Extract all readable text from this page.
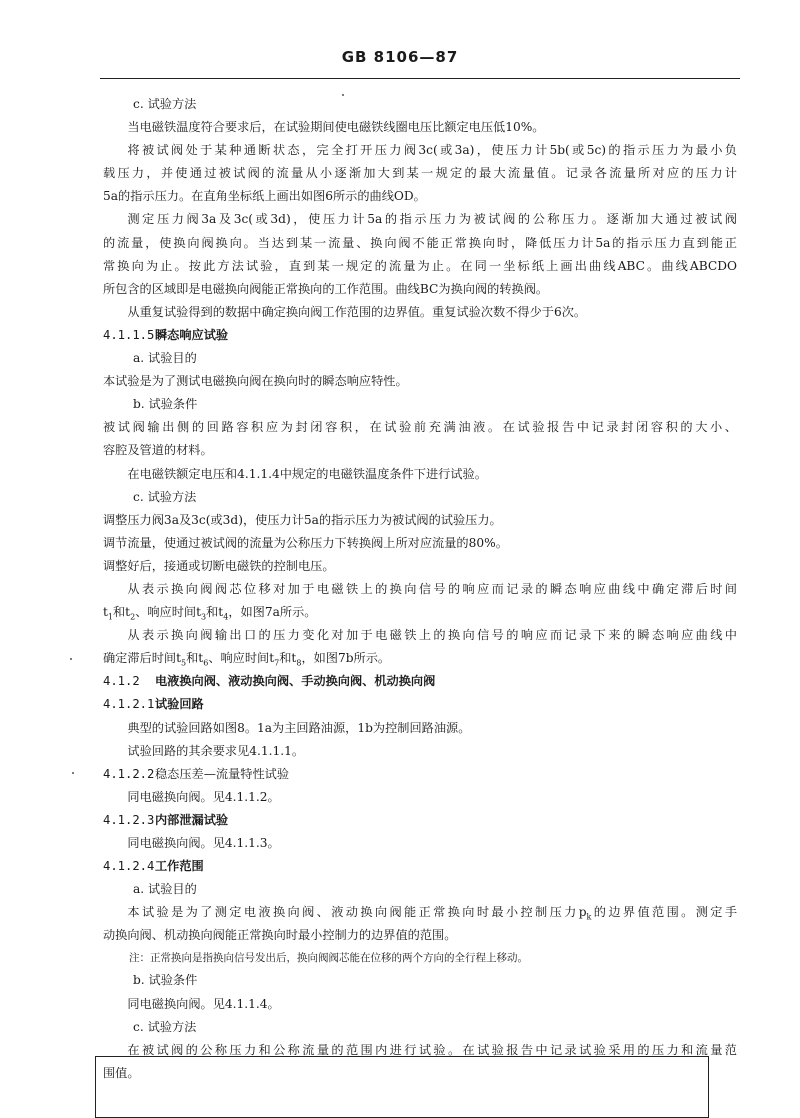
GB 8106—87

c. 试验方法

当电磁铁温度符合要求后，在试验期间使电磁铁线圈电压比额定电压低10%。

将被试阀处于某种通断状态，完全打开压力阀3c(或3a)，使压力计5b(或5c)的指示压力为最小负

载压力，并使通过被试阀的流量从小逐渐加大到某一规定的最大流量值。记录各流量所对应的压力计

5a的指示压力。在直角坐标纸上画出如图6所示的曲线OD。

测定压力阀3a及3c(或3d)，使压力计5a的指示压力为被试阀的公称压力。逐渐加大通过被试阀

的流量，使换向阀换向。当达到某一流量、换向阀不能正常换向时，降低压力计5a的指示压力直到能正

常换向为止。按此方法试验，直到某一规定的流量为止。在同一坐标纸上画出曲线ABC。曲线ABCDO

所包含的区域即是电磁换向阀能正常换向的工作范围。曲线BC为换向阀的转换阀。

从重复试验得到的数据中确定换向阀工作范围的边界值。重复试验次数不得少于6次。

4.1.1.5瞬态响应试验

a. 试验目的

本试验是为了测试电磁换向阀在换向时的瞬态响应特性。

b. 试验条件

被试阀输出侧的回路容积应为封闭容积，在试验前充满油液。在试验报告中记录封闭容积的大小、

容腔及管道的材料。

在电磁铁额定电压和4.1.1.4中规定的电磁铁温度条件下进行试验。

c. 试验方法

调整压力阀3a及3c(或3d)，使压力计5a的指示压力为被试阀的试验压力。

调节流量，使通过被试阀的流量为公称压力下转换阀上所对应流量的80%。

调整好后，接通或切断电磁铁的控制电压。

从表示换向阀阀芯位移对加于电磁铁上的换向信号的响应而记录的瞬态响应曲线中确定滞后时间

$t_1$和$t_2$、响应时间$t_3$和$t_4$，如图7a所示。

从表示换向阀输出口的压力变化对加于电磁铁上的换向信号的响应而记录下来的瞬态响应曲线中

确定滞后时间$t_5$和$t_6$、响应时间$t_7$和$t_8$，如图7b所示。

4.1.2 电液换向阀、液动换向阀、手动换向阀、机动换向阀

4.1.2.1试验回路

典型的试验回路如图8。1a为主回路油源，1b为控制回路油源。

试验回路的其余要求见4.1.1.1。

4.1.2.2稳态压差—流量特性试验

同电磁换向阀。见4.1.1.2。

4.1.2.3内部泄漏试验

同电磁换向阀。见4.1.1.3。

4.1.2.4工作范围

a. 试验目的

本试验是为了测定电液换向阀、液动换向阀能正常换向时最小控制压力$p_k$的边界值范围。测定手

动换向阀、机动换向阀能正常换向时最小控制力的边界值的范围。

注：正常换向是指换向信号发出后，换向阀阀芯能在位移的两个方向的全行程上移动。

b. 试验条件

同电磁换向阀。见4.1.1.4。

c. 试验方法

在被试阀的公称压力和公称流量的范围内进行试验。在试验报告中记录试验采用的压力和流量范

围值。
